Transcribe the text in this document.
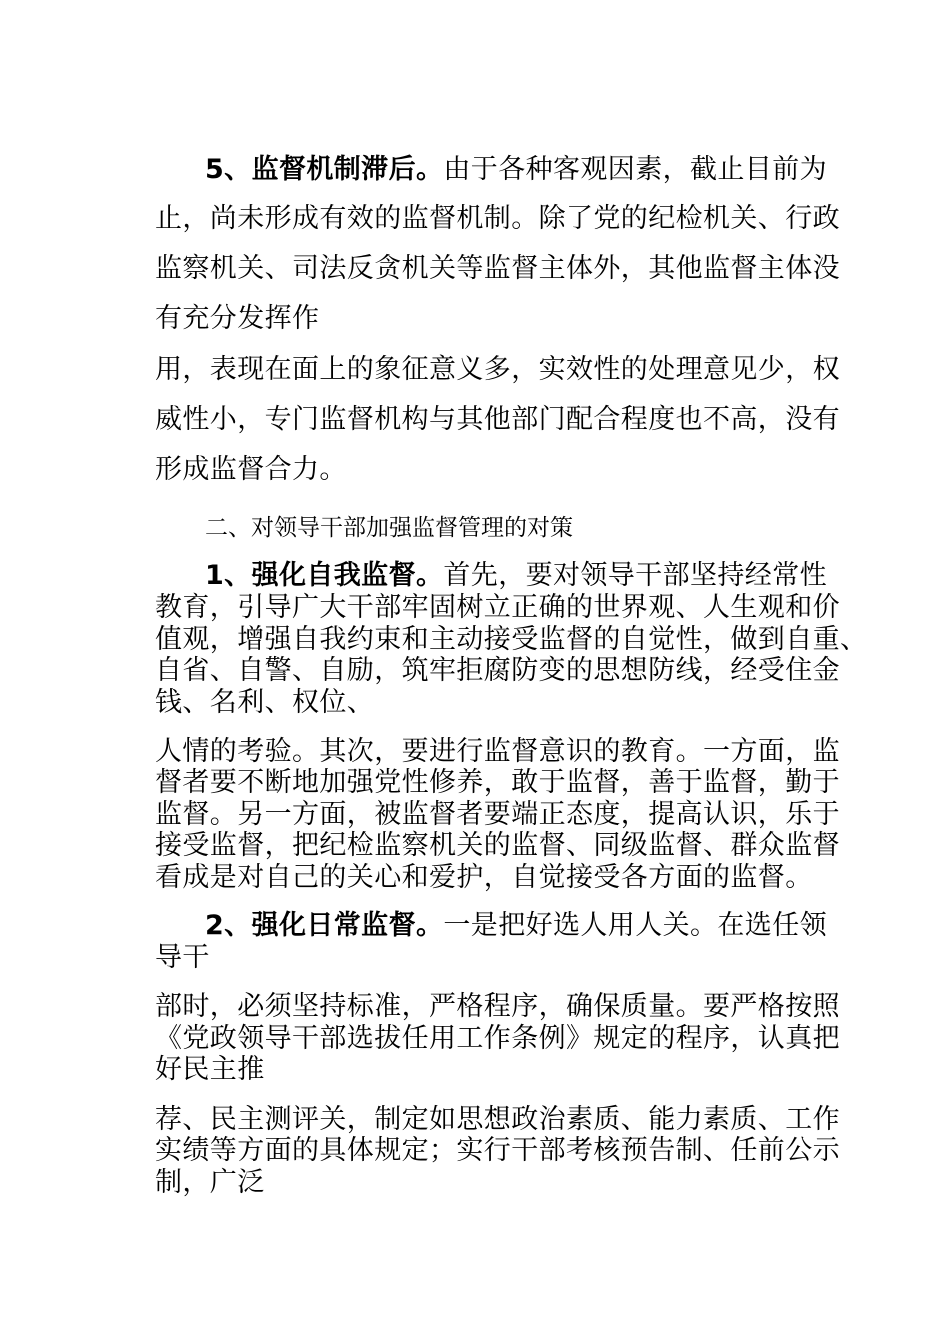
5、监督机制滞后。由于各种客观因素，截止目前为
止，尚未形成有效的监督机制。除了党的纪检机关、行政
监察机关、司法反贪机关等监督主体外，其他监督主体没
有充分发挥作
用，表现在面上的象征意义多，实效性的处理意见少，权
威性小，专门监督机构与其他部门配合程度也不高，没有
形成监督合力。
二、对领导干部加强监督管理的对策
1、强化自我监督。首先，要对领导干部坚持经常性
教育，引导广大干部牢固树立正确的世界观、人生观和价
值观，增强自我约束和主动接受监督的自觉性，做到自重、
自省、自警、自励，筑牢拒腐防变的思想防线，经受住金
钱、名利、权位、
人情的考验。其次，要进行监督意识的教育。一方面，监
督者要不断地加强党性修养，敢于监督，善于监督，勤于
监督。另一方面，被监督者要端正态度，提高认识，乐于
接受监督，把纪检监察机关的监督、同级监督、群众监督
看成是对自己的关心和爱护，自觉接受各方面的监督。
2、强化日常监督。一是把好选人用人关。在选任领
导干
部时，必须坚持标准，严格程序，确保质量。要严格按照
《党政领导干部选拔任用工作条例》规定的程序，认真把
好民主推
荐、民主测评关，制定如思想政治素质、能力素质、工作
实绩等方面的具体规定；实行干部考核预告制、任前公示
制，广泛
